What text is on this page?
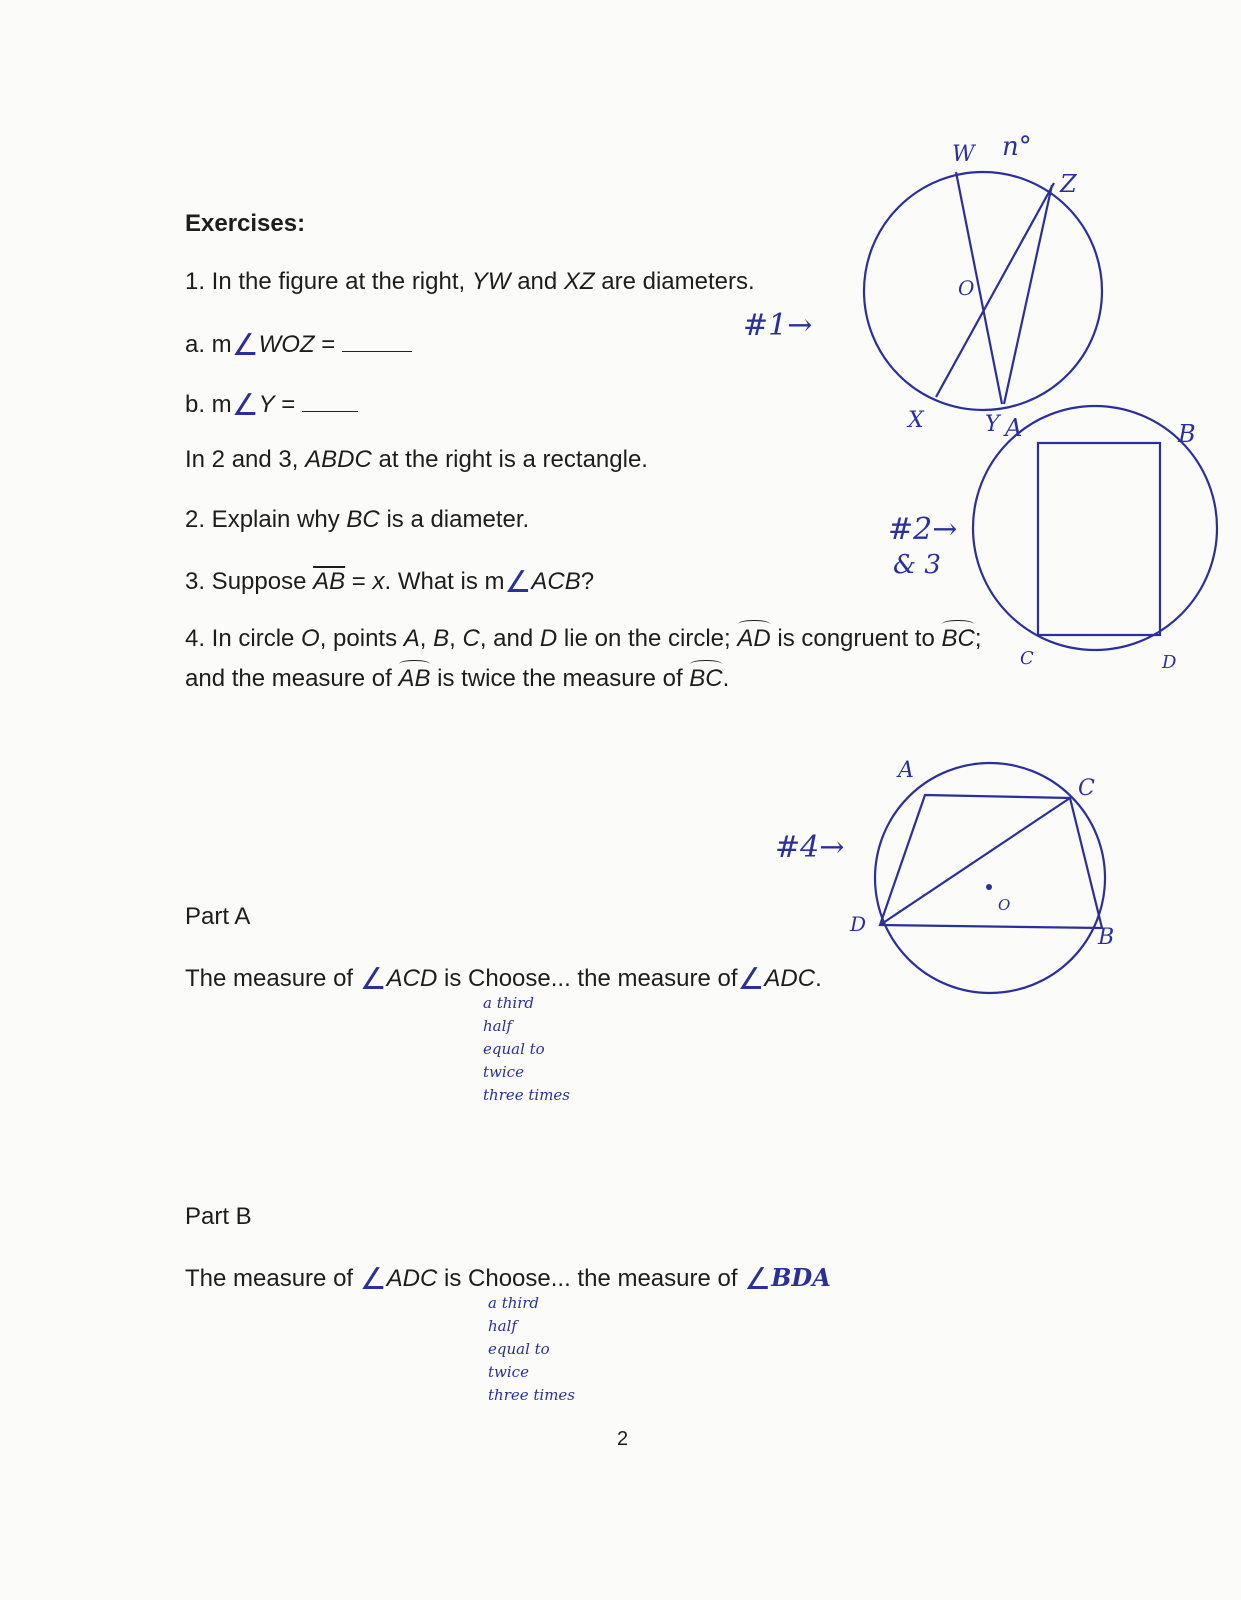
Exercises:
1. In the figure at the right, YW and XZ are diameters.
a. m∠WOZ =
b. m∠Y =
In 2 and 3, ABDC at the right is a rectangle.
2. Explain why BC is a diameter.
3. Suppose $\overline{AB} = x$. What is m∠ACB?
4. In circle O, points A, B, C, and D lie on the circle; AD is congruent to BC;
and the measure of AB is twice the measure of BC.
Part A
The measure of ∠ACD is Choose... the measure of∠ADC.
a third
half
equal to
twice
three times
Part B
The measure of ∠ADC is Choose... the measure of ∠BDA
a third
half
equal to
twice
three times
2
#1→
#2→
& 3
#4→
W n°
Z
O
X	Y A	B
C	D
A
C
D
B
O
